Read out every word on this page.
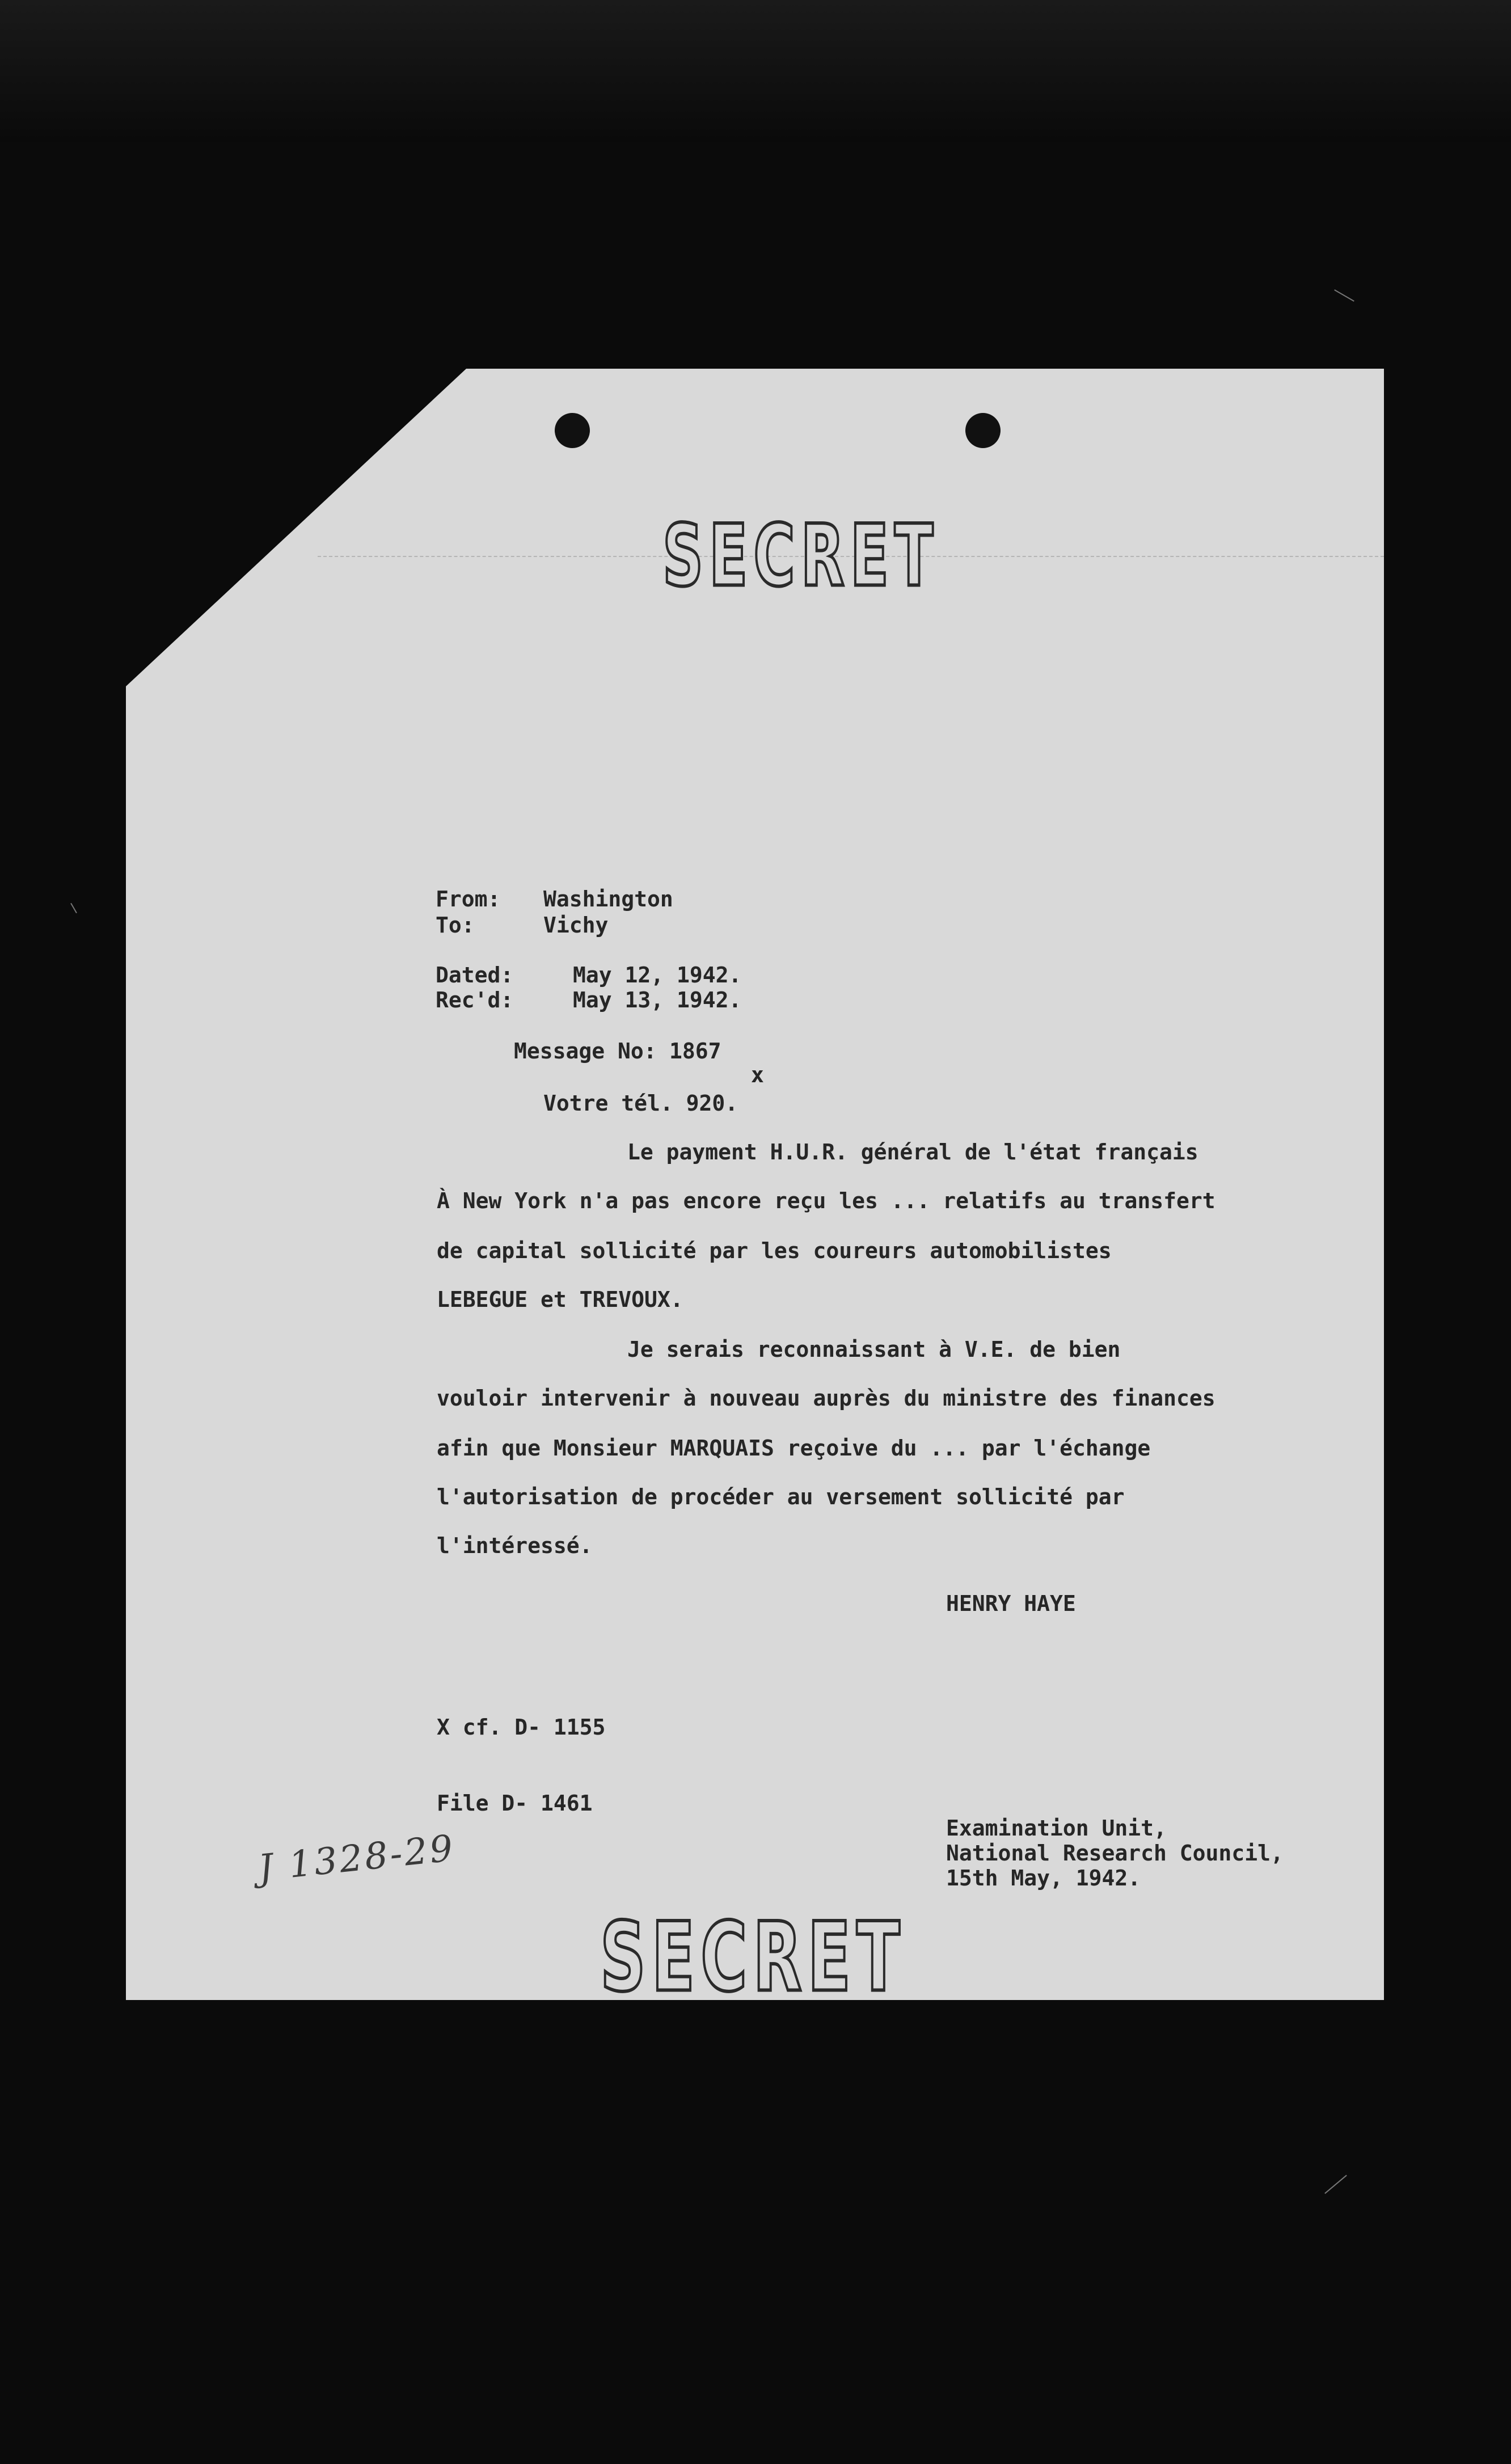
SECRET
From: Washington
To:	Vichy
Dated:	May 12, 1942.
Rec'd:	May 13, 1942.
Message No: 1867
x
Votre tél. 920.
Le payment H.U.R. général de l'état français
À New York n'a pas encore reçu les ... relatifs au transfert
de capital sollicité par les coureurs automobilistes
LEBEGUE et TREVOUX.
Je serais reconnaissant à V.E. de bien
vouloir intervenir à nouveau auprès du ministre des finances
afin que Monsieur MARQUAIS reçoive du ... par l'échange
l'autorisation de procéder au versement sollicité par
l'intéressé.
HENRY HAYE
X cf. D- 1155
File D- 1461
Examination Unit,
National Research Council,
15th May, 1942.
J 1328-29
SECRET
